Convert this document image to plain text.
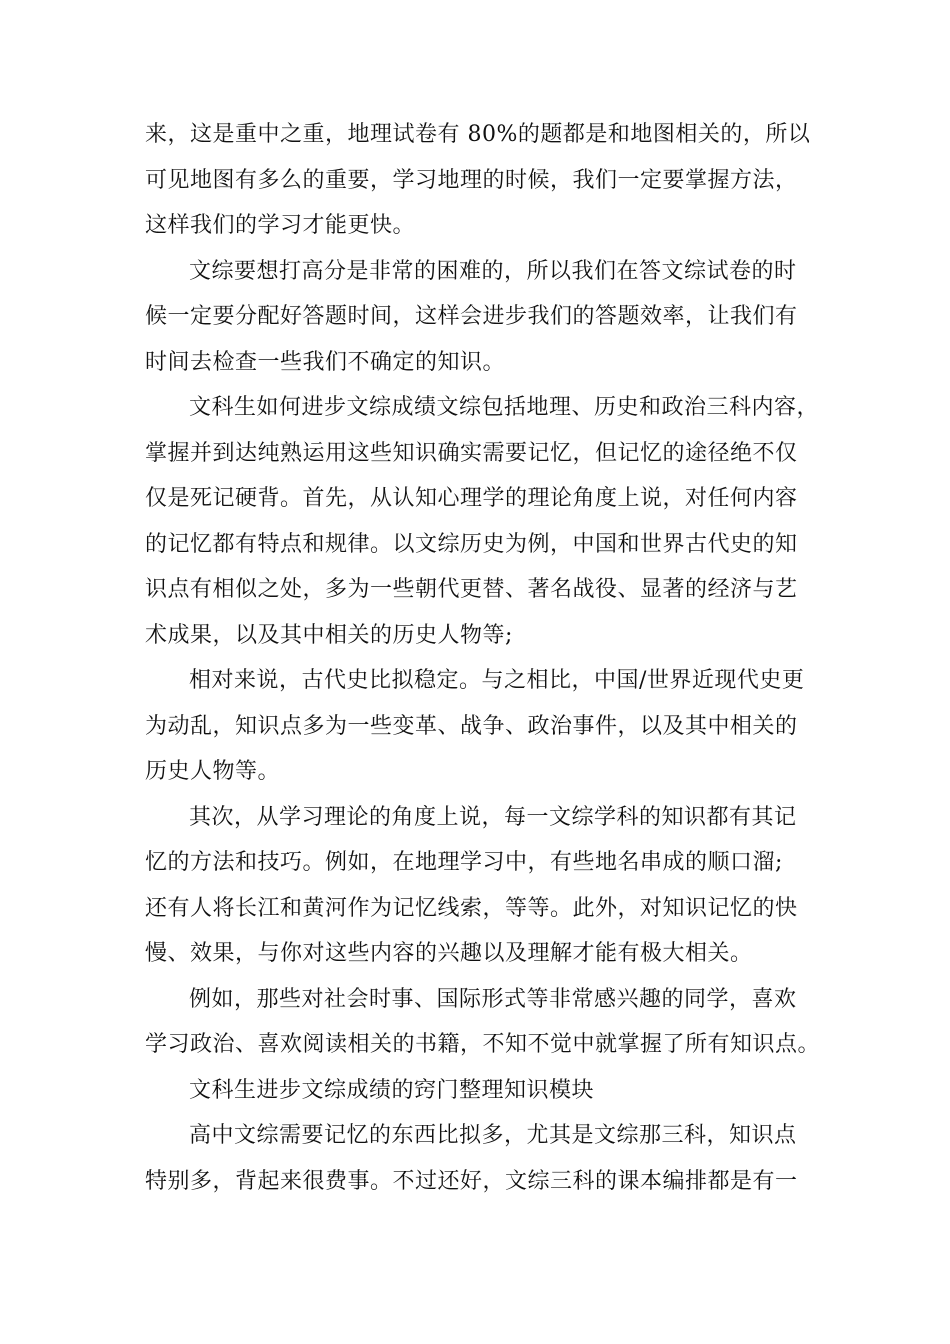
来，这是重中之重，地理试卷有 80%的题都是和地图相关的，所以
可见地图有多么的重要，学习地理的时候，我们一定要掌握方法，
这样我们的学习才能更快。

文综要想打高分是非常的困难的，所以我们在答文综试卷的时
候一定要分配好答题时间，这样会进步我们的答题效率，让我们有
时间去检查一些我们不确定的知识。

文科生如何进步文综成绩文综包括地理、历史和政治三科内容，
掌握并到达纯熟运用这些知识确实需要记忆，但记忆的途径绝不仅
仅是死记硬背。首先，从认知心理学的理论角度上说，对任何内容
的记忆都有特点和规律。以文综历史为例，中国和世界古代史的知
识点有相似之处，多为一些朝代更替、著名战役、显著的经济与艺
术成果，以及其中相关的历史人物等;

相对来说，古代史比拟稳定。与之相比，中国/世界近现代史更
为动乱，知识点多为一些变革、战争、政治事件，以及其中相关的
历史人物等。

其次，从学习理论的角度上说，每一文综学科的知识都有其记
忆的方法和技巧。例如，在地理学习中，有些地名串成的顺口溜;
还有人将长江和黄河作为记忆线索，等等。此外，对知识记忆的快
慢、效果，与你对这些内容的兴趣以及理解才能有极大相关。

例如，那些对社会时事、国际形式等非常感兴趣的同学，喜欢
学习政治、喜欢阅读相关的书籍，不知不觉中就掌握了所有知识点。

文科生进步文综成绩的窍门整理知识模块

高中文综需要记忆的东西比拟多，尤其是文综那三科，知识点
特别多，背起来很费事。不过还好，文综三科的课本编排都是有一
